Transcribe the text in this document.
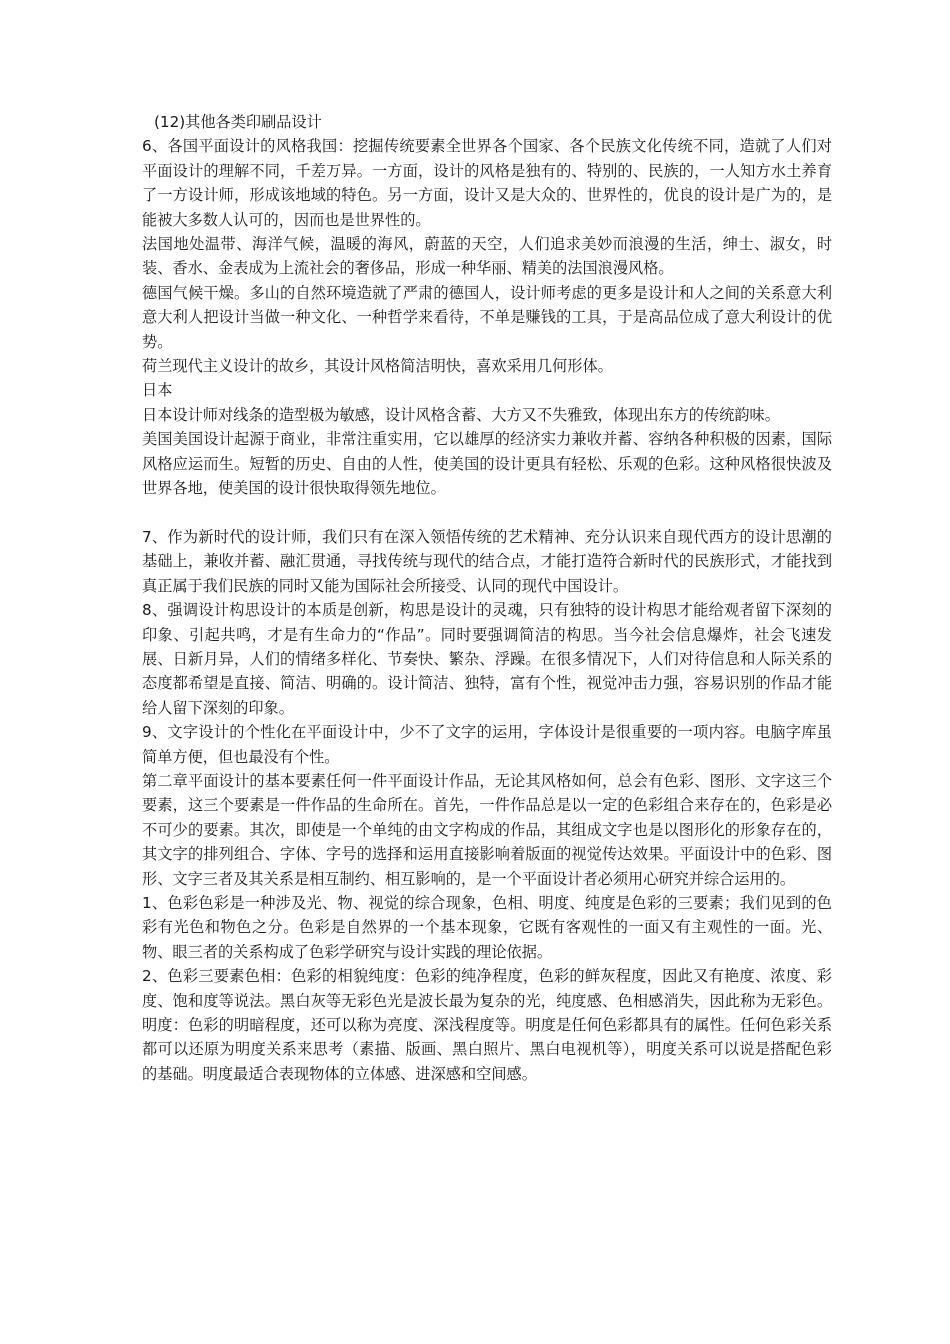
(12)其他各类印刷品设计

6、各国平面设计的风格我国：挖掘传统要素全世界各个国家、各个民族文化传统不同，造就了人们对平面设计的理解不同，千差万异。一方面，设计的风格是独有的、特别的、民族的，一人知方水土养育了一方设计师，形成该地域的特色。另一方面，设计又是大众的、世界性的，优良的设计是广为的，是能被大多数人认可的，因而也是世界性的。

法国地处温带、海洋气候，温暖的海风，蔚蓝的天空，人们追求美妙而浪漫的生活，绅士、淑女，时装、香水、金表成为上流社会的奢侈品，形成一种华丽、精美的法国浪漫风格。

德国气候干燥。多山的自然环境造就了严肃的德国人，设计师考虑的更多是设计和人之间的关系意大利意大利人把设计当做一种文化、一种哲学来看待，不单是赚钱的工具，于是高品位成了意大利设计的优势。

荷兰现代主义设计的故乡，其设计风格简洁明快，喜欢采用几何形体。

日本

日本设计师对线条的造型极为敏感，设计风格含蓄、大方又不失雅致，体现出东方的传统韵味。

美国美国设计起源于商业，非常注重实用，它以雄厚的经济实力兼收并蓄、容纳各种积极的因素，国际风格应运而生。短暂的历史、自由的人性，使美国的设计更具有轻松、乐观的色彩。这种风格很快波及世界各地，使美国的设计很快取得领先地位。

7、作为新时代的设计师，我们只有在深入领悟传统的艺术精神、充分认识来自现代西方的设计思潮的基础上，兼收并蓄、融汇贯通，寻找传统与现代的结合点，才能打造符合新时代的民族形式，才能找到真正属于我们民族的同时又能为国际社会所接受、认同的现代中国设计。

8、强调设计构思设计的本质是创新，构思是设计的灵魂，只有独特的设计构思才能给观者留下深刻的印象、引起共鸣，才是有生命力的“作品”。同时要强调简洁的构思。当今社会信息爆炸，社会飞速发展、日新月异，人们的情绪多样化、节奏快、繁杂、浮躁。在很多情况下，人们对待信息和人际关系的态度都希望是直接、简洁、明确的。设计简洁、独特，富有个性，视觉冲击力强，容易识别的作品才能给人留下深刻的印象。

9、文字设计的个性化在平面设计中，少不了文字的运用，字体设计是很重要的一项内容。电脑字库虽简单方便，但也最没有个性。

第二章平面设计的基本要素任何一件平面设计作品，无论其风格如何，总会有色彩、图形、文字这三个要素，这三个要素是一件作品的生命所在。首先，一件作品总是以一定的色彩组合来存在的，色彩是必不可少的要素。其次，即使是一个单纯的由文字构成的作品，其组成文字也是以图形化的形象存在的，其文字的排列组合、字体、字号的选择和运用直接影响着版面的视觉传达效果。平面设计中的色彩、图形、文字三者及其关系是相互制约、相互影响的，是一个平面设计者必须用心研究并综合运用的。

1、色彩色彩是一种涉及光、物、视觉的综合现象，色相、明度、纯度是色彩的三要素；我们见到的色彩有光色和物色之分。色彩是自然界的一个基本现象，它既有客观性的一面又有主观性的一面。光、物、眼三者的关系构成了色彩学研究与设计实践的理论依据。

2、色彩三要素色相：色彩的相貌纯度：色彩的纯净程度，色彩的鲜灰程度，因此又有艳度、浓度、彩度、饱和度等说法。黑白灰等无彩色光是波长最为复杂的光，纯度感、色相感消失，因此称为无彩色。明度：色彩的明暗程度，还可以称为亮度、深浅程度等。明度是任何色彩都具有的属性。任何色彩关系都可以还原为明度关系来思考（素描、版画、黑白照片、黑白电视机等），明度关系可以说是搭配色彩的基础。明度最适合表现物体的立体感、进深感和空间感。
